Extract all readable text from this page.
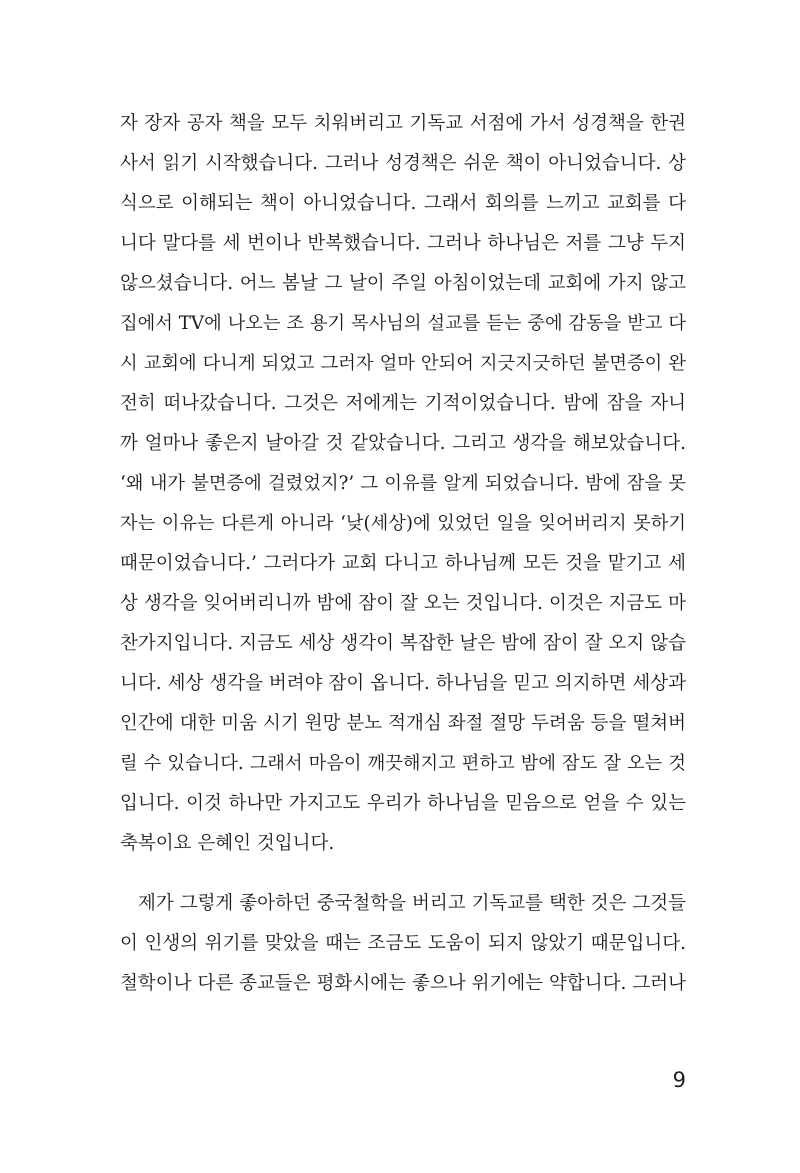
자 장자 공자 책을 모두 치워버리고 기독교 서점에 가서 성경책을 한권
사서 읽기 시작했습니다. 그러나 성경책은 쉬운 책이 아니었습니다. 상
식으로 이해되는 책이 아니었습니다. 그래서 회의를 느끼고 교회를 다
니다 말다를 세 번이나 반복했습니다. 그러나 하나님은 저를 그냥 두지
않으셨습니다. 어느 봄날 그 날이 주일 아침이었는데 교회에 가지 않고
집에서 TV에 나오는 조 용기 목사님의 설교를 듣는 중에 감동을 받고 다
시 교회에 다니게 되었고 그러자 얼마 안되어 지긋지긋하던 불면증이 완
전히 떠나갔습니다. 그것은 저에게는 기적이었습니다. 밤에 잠을 자니
까 얼마나 좋은지 날아갈 것 같았습니다. 그리고 생각을 해보았습니다.
‘왜 내가 불면증에 걸렸었지?’ 그 이유를 알게 되었습니다. 밤에 잠을 못
자는 이유는 다른게 아니라 ‘낮(세상)에 있었던 일을 잊어버리지 못하기
때문이었습니다.’ 그러다가 교회 다니고 하나님께 모든 것을 맡기고 세
상 생각을 잊어버리니까 밤에 잠이 잘 오는 것입니다. 이것은 지금도 마
찬가지입니다. 지금도 세상 생각이 복잡한 날은 밤에 잠이 잘 오지 않습
니다. 세상 생각을 버려야 잠이 옵니다. 하나님을 믿고 의지하면 세상과
인간에 대한 미움 시기 원망 분노 적개심 좌절 절망 두려움 등을 떨쳐버
릴 수 있습니다. 그래서 마음이 깨끗해지고 편하고 밤에 잠도 잘 오는 것
입니다. 이것 하나만 가지고도 우리가 하나님을 믿음으로 얻을 수 있는
축복이요 은혜인 것입니다.
제가 그렇게 좋아하던 중국철학을 버리고 기독교를 택한 것은 그것들
이 인생의 위기를 맞았을 때는 조금도 도움이 되지 않았기 때문입니다.
철학이나 다른 종교들은 평화시에는 좋으나 위기에는 약합니다. 그러나
9
